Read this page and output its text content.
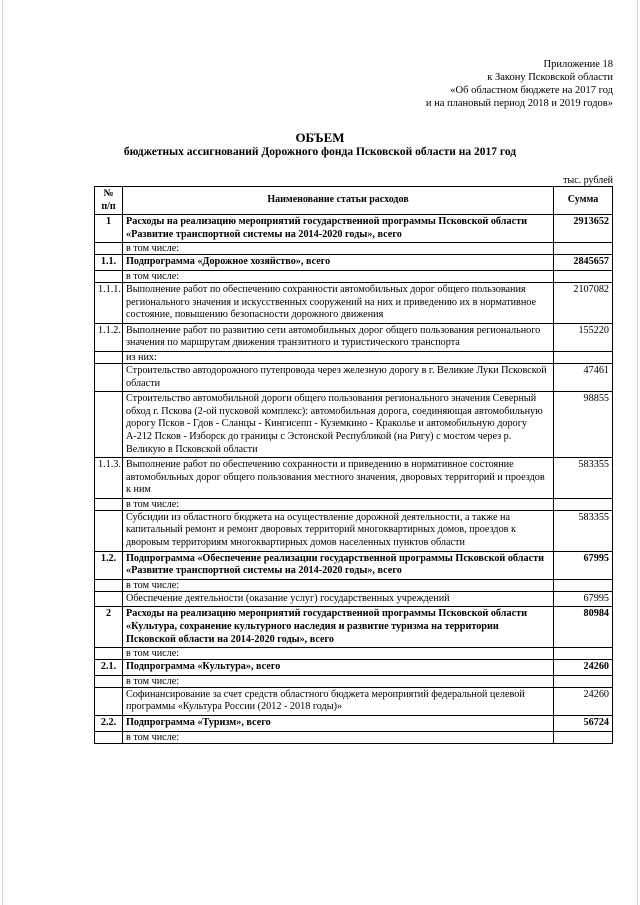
Приложение 18
к Закону Псковской области
«Об областном бюджете на 2017 год
и на плановый период 2018 и 2019 годов»
ОБЪЕМ
бюджетных ассигнований Дорожного фонда Псковской области на 2017 год
тыс. рублей
№ п/п	Наименование статьи расходов	Сумма
1	Расходы на реализацию мероприятий государственной программы Псковской области «Развитие транспортной системы на 2014-2020 годы», всего	2913652
	в том числе:	
1.1.	Подпрограмма «Дорожное хозяйство», всего	2845657
	в том числе:	
1.1.1.	Выполнение работ по обеспечению сохранности автомобильных дорог общего пользования регионального значения и искусственных сооружений на них и приведению их в нормативное состояние, повышению безопасности дорожного движения	2107082
1.1.2.	Выполнение работ по развитию сети автомобильных дорог общего пользования регионального значения по маршрутам движения транзитного и туристического транспорта	155220
	из них:	
	Строительство автодорожного путепровода через железную дорогу в г. Великие Луки Псковской области	47461
	Строительство автомобильной дороги общего пользования регионального значения Северный обход г. Пскова (2-ой пусковой комплекс): автомобильная дорога, соединяющая автомобильную дорогу Псков - Гдов - Сланцы - Кингисепп - Куземкино - Краколье и автомобильную дорогу А-212 Псков - Изборск до границы с Эстонской Республикой (на Ригу) с мостом через р. Великую в Псковской области	98855
1.1.3.	Выполнение работ по обеспечению сохранности и приведению в нормативное состояние автомобильных дорог общего пользования местного значения, дворовых территорий и проездов к ним	583355
	в том числе:	
	Субсидии из областного бюджета на осуществление дорожной деятельности, а также на капитальный ремонт и ремонт дворовых территорий многоквартирных домов, проездов к дворовым территориям многоквартирных домов населенных пунктов области	583355
1.2.	Подпрограмма «Обеспечение реализации государственной программы Псковской области «Развитие транспортной системы на 2014-2020 годы», всего	67995
	в том числе:	
	Обеспечение деятельности (оказание услуг) государственных учреждений	67995
2	Расходы на реализацию мероприятий государственной программы Псковской области «Культура, сохранение культурного наследия и развитие туризма на территории Псковской области на 2014-2020 годы», всего	80984
	в том числе:	
2.1.	Подпрограмма «Культура», всего	24260
	в том числе:	
	Софинансирование за счет средств областного бюджета мероприятий федеральной целевой программы «Культура России (2012 - 2018 годы)»	24260
2.2.	Подпрограмма «Туризм», всего	56724
	в том числе:	
